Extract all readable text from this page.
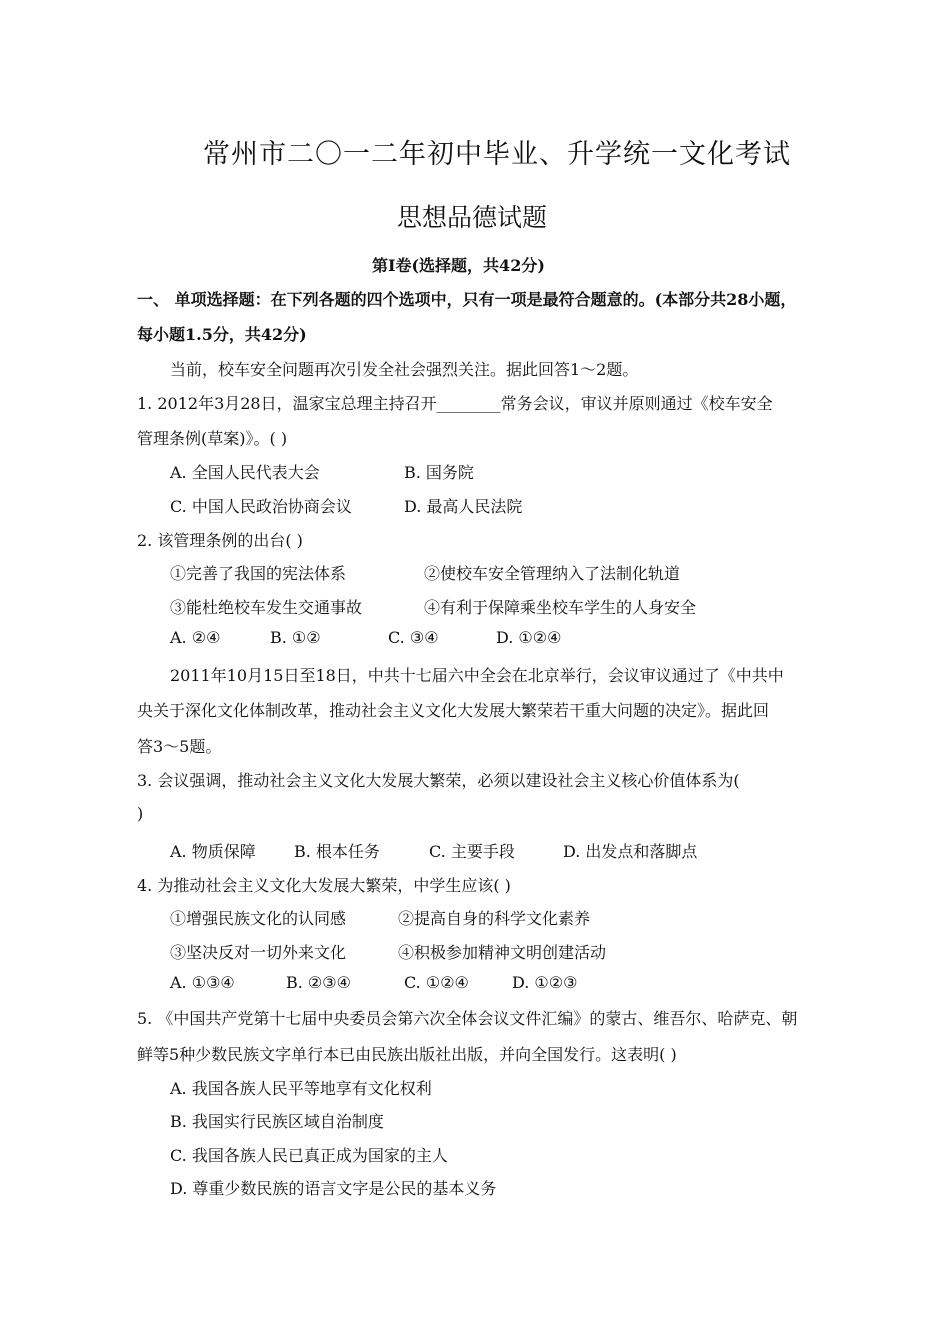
常州市二〇一二年初中毕业、升学统一文化考试
思想品德试题
第Ⅰ卷(选择题，共42分)
一、 单项选择题：在下列各题的四个选项中，只有一项是最符合题意的。(本部分共28小题，
每小题1.5分，共42分)
当前，校车安全问题再次引发全社会强烈关注。据此回答1～2题。
1. 2012年3月28日，温家宝总理主持召开________常务会议，审议并原则通过《校车安全
管理条例(草案)》。( )
A. 全国人民代表大会	B. 国务院
C. 中国人民政治协商会议	D. 最高人民法院
2. 该管理条例的出台( )
①完善了我国的宪法体系	②使校车安全管理纳入了法制化轨道
③能杜绝校车发生交通事故	④有利于保障乘坐校车学生的人身安全
A. ②④	B. ①②	C. ③④	D. ①②④
2011年10月15日至18日，中共十七届六中全会在北京举行，会议审议通过了《中共中
央关于深化文化体制改革，推动社会主义文化大发展大繁荣若干重大问题的决定》。据此回
答3～5题。
3. 会议强调，推动社会主义文化大发展大繁荣，必须以建设社会主义核心价值体系为(
)
A. 物质保障 B. 根本任务	C. 主要手段	D. 出发点和落脚点
4. 为推动社会主义文化大发展大繁荣，中学生应该( )
①增强民族文化的认同感	②提高自身的科学文化素养
③坚决反对一切外来文化	④积极参加精神文明创建活动
A. ①③④	B. ②③④	C. ①②④	D. ①②③
5. 《中国共产党第十七届中央委员会第六次全体会议文件汇编》的蒙古、维吾尔、哈萨克、朝
鲜等5种少数民族文字单行本已由民族出版社出版，并向全国发行。这表明( )
A. 我国各族人民平等地享有文化权利
B. 我国实行民族区域自治制度
C. 我国各族人民已真正成为国家的主人
D. 尊重少数民族的语言文字是公民的基本义务
